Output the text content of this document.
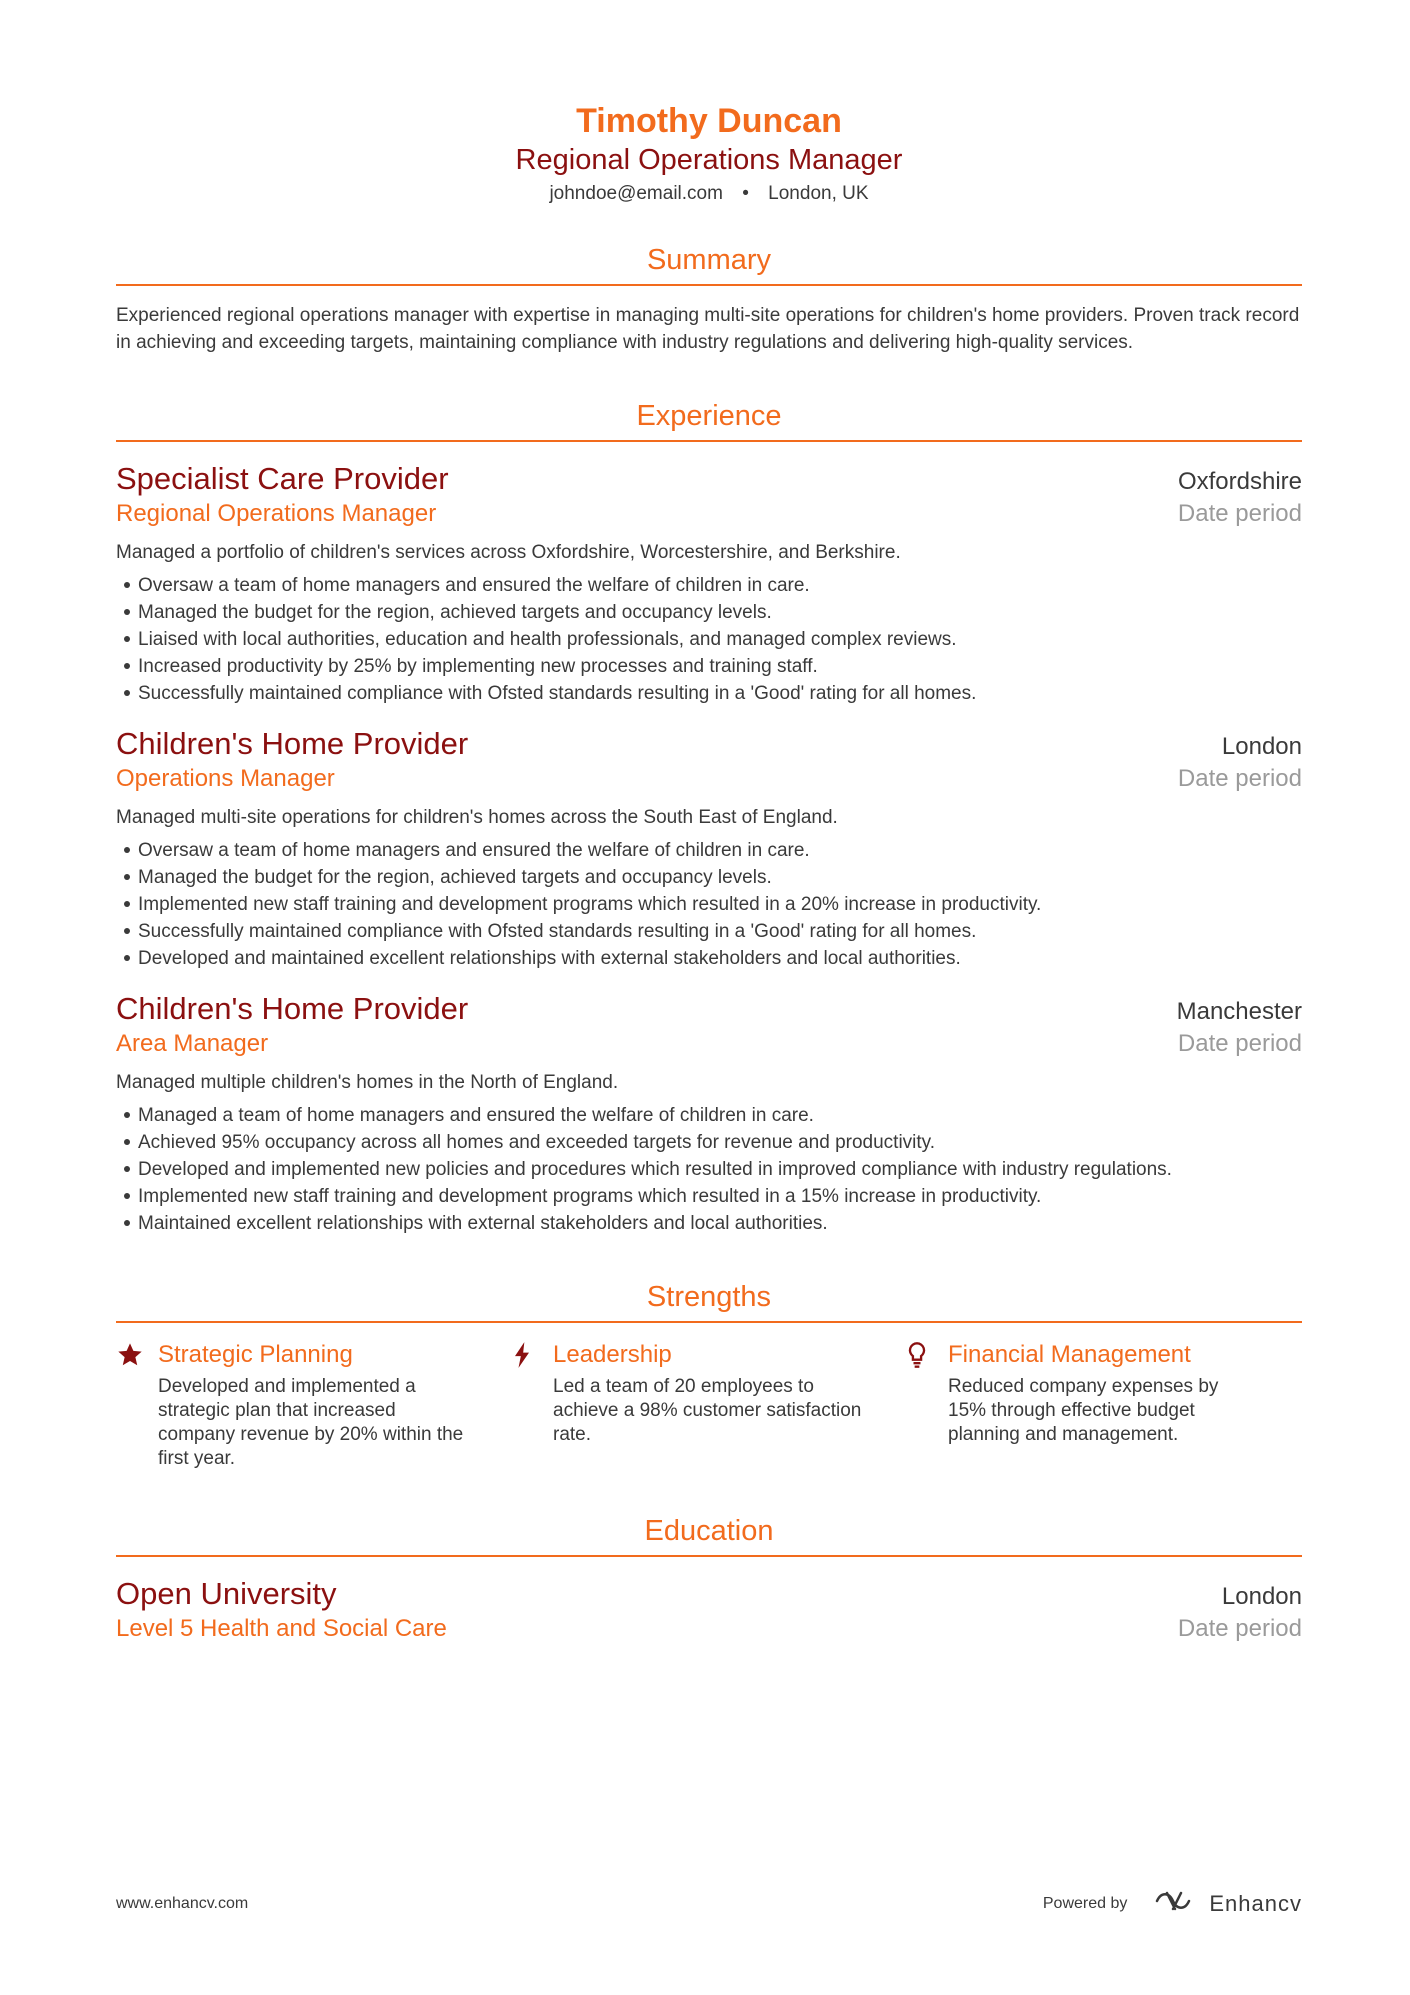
Timothy Duncan
Regional Operations Manager
johndoe@email.com • London, UK
Summary
Experienced regional operations manager with expertise in managing multi-site operations for children's home providers. Proven track record in achieving and exceeding targets, maintaining compliance with industry regulations and delivering high-quality services.
Experience
Specialist Care Provider	Oxfordshire
Regional Operations Manager	Date period
Managed a portfolio of children's services across Oxfordshire, Worcestershire, and Berkshire.
Oversaw a team of home managers and ensured the welfare of children in care.
Managed the budget for the region, achieved targets and occupancy levels.
Liaised with local authorities, education and health professionals, and managed complex reviews.
Increased productivity by 25% by implementing new processes and training staff.
Successfully maintained compliance with Ofsted standards resulting in a 'Good' rating for all homes.
Children's Home Provider	London
Operations Manager	Date period
Managed multi-site operations for children's homes across the South East of England.
Oversaw a team of home managers and ensured the welfare of children in care.
Managed the budget for the region, achieved targets and occupancy levels.
Implemented new staff training and development programs which resulted in a 20% increase in productivity.
Successfully maintained compliance with Ofsted standards resulting in a 'Good' rating for all homes.
Developed and maintained excellent relationships with external stakeholders and local authorities.
Children's Home Provider	Manchester
Area Manager	Date period
Managed multiple children's homes in the North of England.
Managed a team of home managers and ensured the welfare of children in care.
Achieved 95% occupancy across all homes and exceeded targets for revenue and productivity.
Developed and implemented new policies and procedures which resulted in improved compliance with industry regulations.
Implemented new staff training and development programs which resulted in a 15% increase in productivity.
Maintained excellent relationships with external stakeholders and local authorities.
Strengths
Strategic Planning
Developed and implemented a strategic plan that increased company revenue by 20% within the first year.
Leadership
Led a team of 20 employees to achieve a 98% customer satisfaction rate.
Financial Management
Reduced company expenses by 15% through effective budget planning and management.
Education
Open University	London
Level 5 Health and Social Care	Date period
www.enhancv.com	Powered by	Enhancv
